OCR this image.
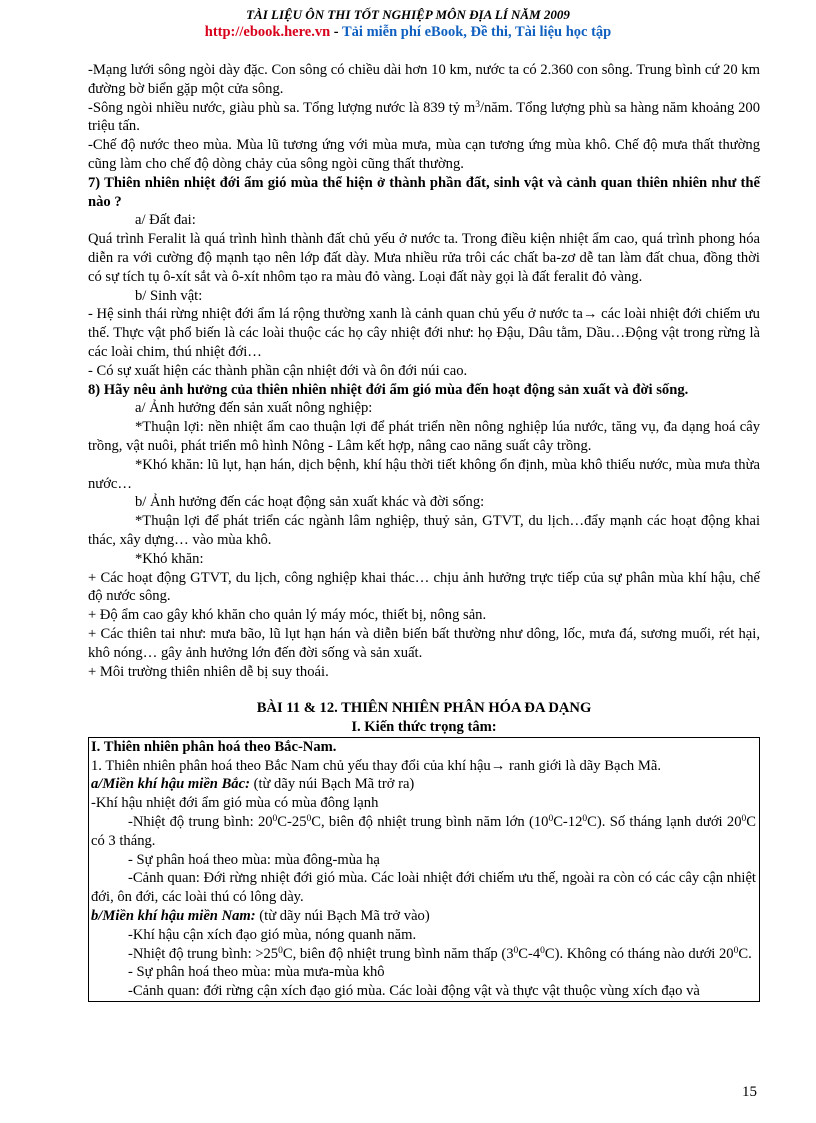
TÀI LIỆU ÔN THI TỐT NGHIỆP MÔN ĐỊA LÍ NĂM 2009
http://ebook.here.vn - Tải miễn phí eBook, Đề thi, Tài liệu học tập

-Mạng lưới sông ngòi dày đặc. Con sông có chiều dài hơn 10 km, nước ta có 2.360 con sông. Trung bình cứ 20 km đường bờ biển gặp một cửa sông.

-Sông ngòi nhiều nước, giàu phù sa. Tổng lượng nước là 839 tỷ $m^3$/năm. Tổng lượng phù sa hàng năm khoảng 200 triệu tấn.

-Chế độ nước theo mùa. Mùa lũ tương ứng với mùa mưa, mùa cạn tương ứng mùa khô. Chế độ mưa thất thường cũng làm cho chế độ dòng chảy của sông ngòi cũng thất thường.

7) Thiên nhiên nhiệt đới ẩm gió mùa thể hiện ở thành phần đất, sinh vật và cảnh quan thiên nhiên như thế nào ?

a/ Đất đai:

Quá trình Feralit là quá trình hình thành đất chủ yếu ở nước ta. Trong điều kiện nhiệt ẩm cao, quá trình phong hóa diễn ra với cường độ mạnh tạo nên lớp đất dày. Mưa nhiều rửa trôi các chất ba-zơ dễ tan làm đất chua, đồng thời có sự tích tụ ô-xít sắt và ô-xít nhôm tạo ra màu đỏ vàng. Loại đất này gọi là đất feralit đỏ vàng.

b/ Sinh vật:

- Hệ sinh thái rừng nhiệt đới ẩm lá rộng thường xanh là cảnh quan chủ yếu ở nước ta→ các loài nhiệt đới chiếm ưu thế. Thực vật phổ biến là các loài thuộc các họ cây nhiệt đới như: họ Đậu, Dâu tằm, Dầu…Động vật trong rừng là các loài chim, thú nhiệt đới…

- Có sự xuất hiện các thành phần cận nhiệt đới và ôn đới núi cao.

8) Hãy nêu ảnh hưởng của thiên nhiên nhiệt đới ẩm gió mùa đến hoạt động sản xuất và đời sống.

a/ Ảnh hưởng đến sản xuất nông nghiệp:

*Thuận lợi: nền nhiệt ẩm cao thuận lợi để phát triển nền nông nghiệp lúa nước, tăng vụ, đa dạng hoá cây trồng, vật nuôi, phát triển mô hình Nông - Lâm kết hợp, nâng cao năng suất cây trồng.

*Khó khăn: lũ lụt, hạn hán, dịch bệnh, khí hậu thời tiết không ổn định, mùa khô thiếu nước, mùa mưa thừa nước…

b/ Ảnh hưởng đến các hoạt động sản xuất khác và đời sống:

*Thuận lợi để phát triển các ngành lâm nghiệp, thuỷ sản, GTVT, du lịch…đẩy mạnh các hoạt động khai thác, xây dựng… vào mùa khô.

*Khó khăn:

+ Các hoạt động GTVT, du lịch, công nghiệp khai thác… chịu ảnh hưởng trực tiếp của sự phân mùa khí hậu, chế độ nước sông.

+ Độ ẩm cao gây khó khăn cho quản lý máy móc, thiết bị, nông sản.

+ Các thiên tai như: mưa bão, lũ lụt hạn hán và diễn biến bất thường như dông, lốc, mưa đá, sương muối, rét hại, khô nóng… gây ảnh hưởng lớn đến đời sống và sản xuất.

+ Môi trường thiên nhiên dễ bị suy thoái.

BÀI 11 & 12. THIÊN NHIÊN PHÂN HÓA ĐA DẠNG

I. Kiến thức trọng tâm:

I. Thiên nhiên phân hoá theo Bắc-Nam.

1. Thiên nhiên phân hoá theo Bắc Nam chủ yếu thay đổi của khí hậu→ ranh giới là dãy Bạch Mã.

a/Miền khí hậu miền Bắc: (từ dãy núi Bạch Mã trở ra)

-Khí hậu nhiệt đới ẩm gió mùa có mùa đông lạnh

-Nhiệt độ trung bình: $20^0C-25^0C$, biên độ nhiệt trung bình năm lớn $(10^0C-12^0C)$. Số tháng lạnh dưới $20^0C$ có 3 tháng.

- Sự phân hoá theo mùa: mùa đông-mùa hạ

-Cảnh quan: Đới rừng nhiệt đới gió mùa. Các loài nhiệt đới chiếm ưu thế, ngoài ra còn có các cây cận nhiệt đới, ôn đới, các loài thú có lông dày.

b/Miền khí hậu miền Nam: (từ dãy núi Bạch Mã trở vào)

-Khí hậu cận xích đạo gió mùa, nóng quanh năm.

-Nhiệt độ trung bình: $>25^0C$, biên độ nhiệt trung bình năm thấp $(3^0C-4^0C)$. Không có tháng nào dưới $20^0C$.

- Sự phân hoá theo mùa: mùa mưa-mùa khô

-Cảnh quan: đới rừng cận xích đạo gió mùa. Các loài động vật và thực vật thuộc vùng xích đạo và

15
